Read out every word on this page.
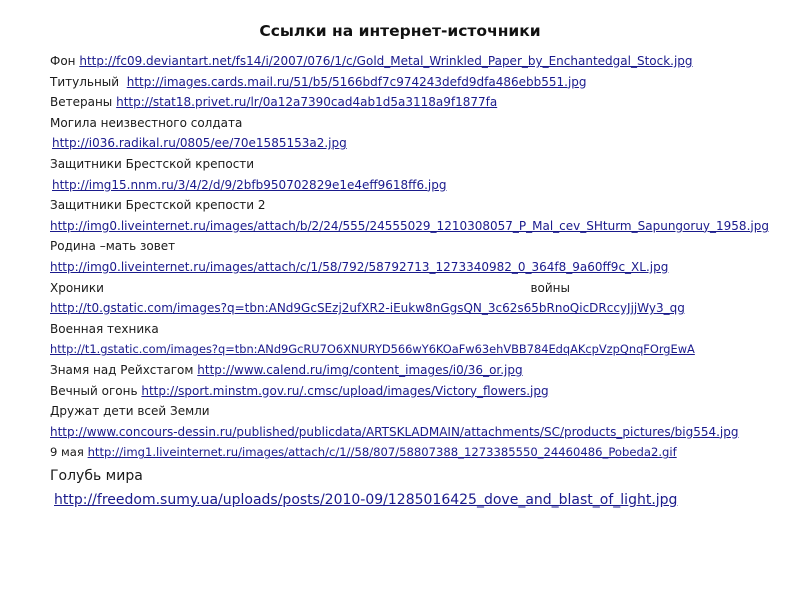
Ссылки на интернет-источники
Фон http://fc09.deviantart.net/fs14/i/2007/076/1/c/Gold_Metal_Wrinkled_Paper_by_Enchantedgal_Stock.jpg
Титульный http://images.cards.mail.ru/51/b5/5166bdf7c974243defd9dfa486ebb551.jpg
Ветераны http://stat18.privet.ru/lr/0a12a7390cad4ab1d5a3118a9f1877fa
Могила неизвестного солдата
http://i036.radikal.ru/0805/ee/70e1585153a2.jpg
Защитники Брестской крепости
http://img15.nnm.ru/3/4/2/d/9/2bfb950702829e1e4eff9618ff6.jpg
Защитники Брестской крепости 2
http://img0.liveinternet.ru/images/attach/b/2/24/555/24555029_1210308057_P_Mal_cev_SHturm_Sapungoruy_1958.jpg
Родина –мать зовет
http://img0.liveinternet.ru/images/attach/c/1/58/792/58792713_1273340982_0_364f8_9a60ff9c_XL.jpg
Хроники	войны
http://t0.gstatic.com/images?q=tbn:ANd9GcSEzj2ufXR2-iEukw8nGgsQN_3c62s65bRnoQicDRccyJjjWy3_qg
Военная техника
http://t1.gstatic.com/images?q=tbn:ANd9GcRU7O6XNURYD566wY6KOaFw63ehVBB784EdqAKcpVzpQnqFOrgEwA
Знамя над Рейхстагом http://www.calend.ru/img/content_images/i0/36_or.jpg
Вечный огонь http://sport.minstm.gov.ru/.cmsc/upload/images/Victory_flowers.jpg
Дружат дети всей Земли
http://www.concours-dessin.ru/published/publicdata/ARTSKLADMAIN/attachments/SC/products_pictures/big554.jpg
9 мая http://img1.liveinternet.ru/images/attach/c/1//58/807/58807388_1273385550_24460486_Pobeda2.gif
Голубь мира
http://freedom.sumy.ua/uploads/posts/2010-09/1285016425_dove_and_blast_of_light.jpg
